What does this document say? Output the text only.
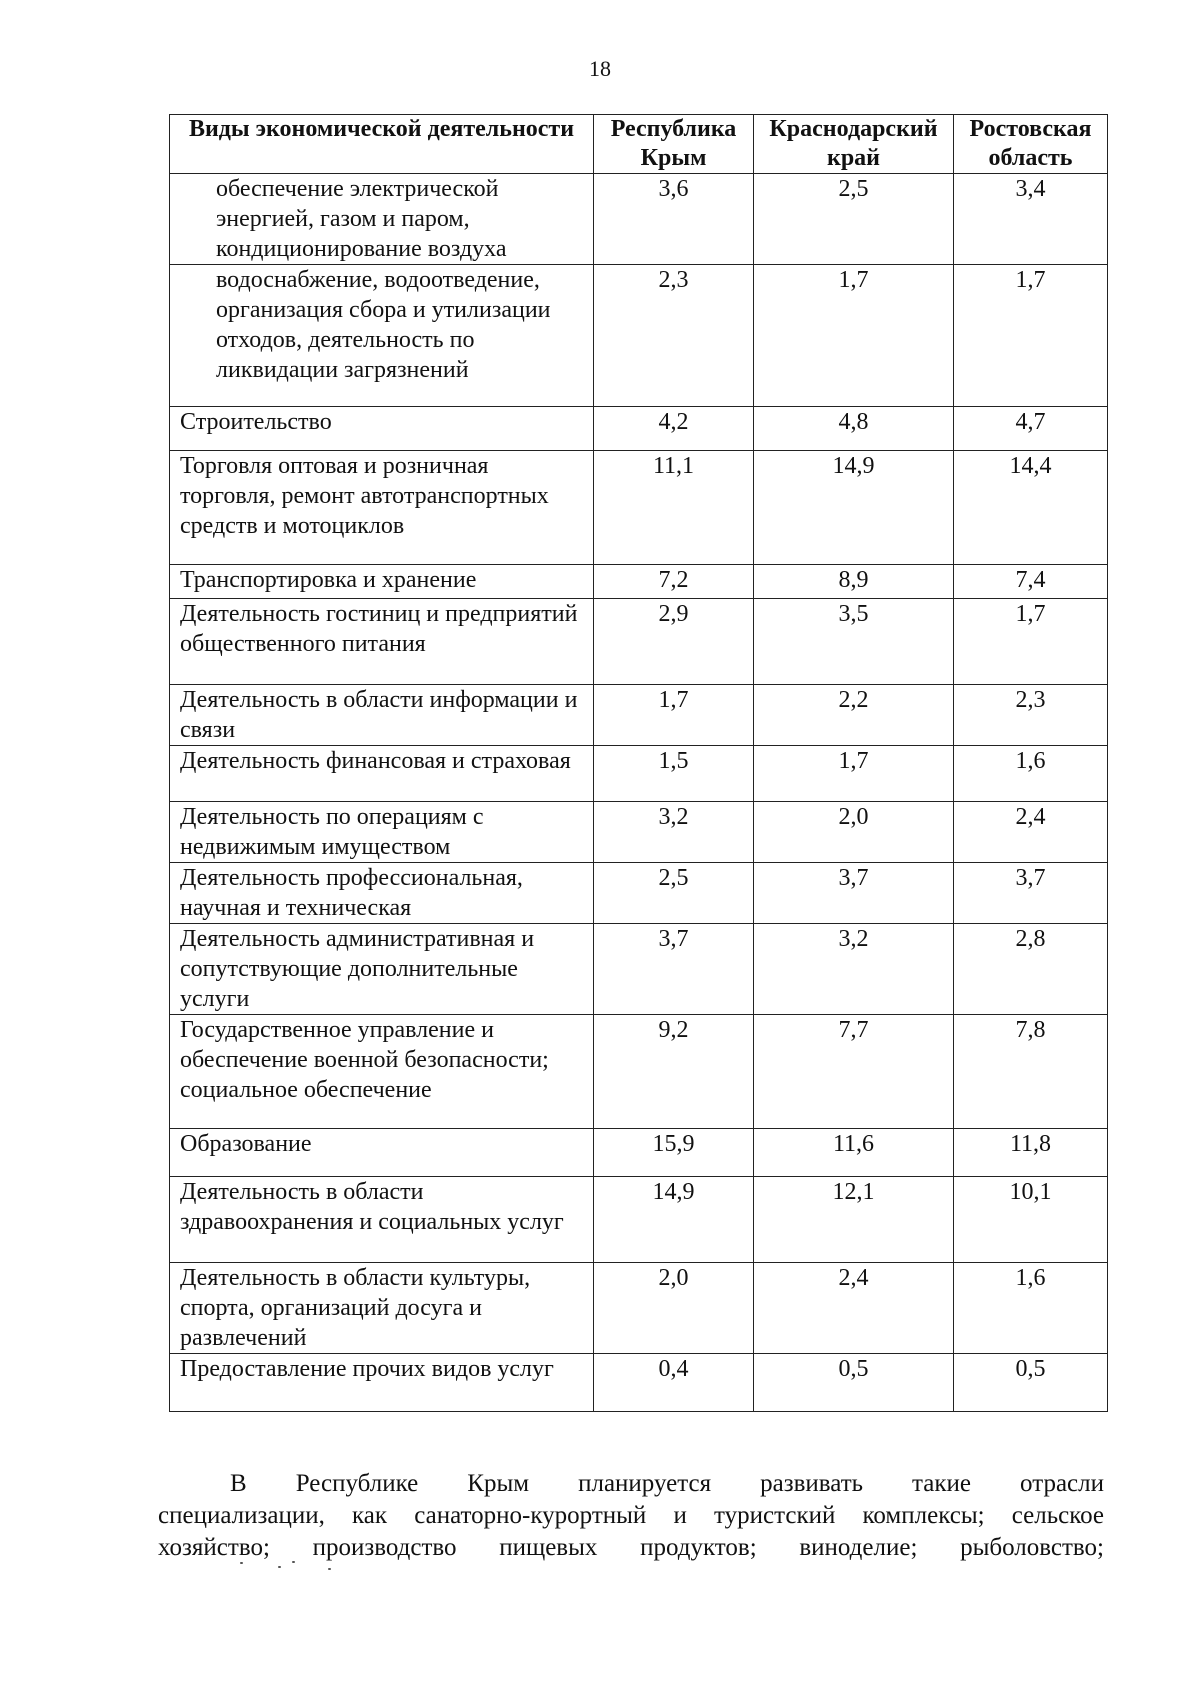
18
Виды экономической деятельности	Республика Крым	Краснодарский край	Ростовская область
обеспечение электрической энергией, газом и паром, кондиционирование воздуха	3,6	2,5	3,4
водоснабжение, водоотведение, организация сбора и утилизации отходов, деятельность по ликвидации загрязнений	2,3	1,7	1,7
Строительство	4,2	4,8	4,7
Торговля оптовая и розничная торговля, ремонт автотранспортных средств и мотоциклов	11,1	14,9	14,4
Транспортировка и хранение	7,2	8,9	7,4
Деятельность гостиниц и предприятий общественного питания	2,9	3,5	1,7
Деятельность в области информации и связи	1,7	2,2	2,3
Деятельность финансовая и страховая	1,5	1,7	1,6
Деятельность по операциям с недвижимым имуществом	3,2	2,0	2,4
Деятельность профессиональная, научная и техническая	2,5	3,7	3,7
Деятельность административная и сопутствующие дополнительные услуги	3,7	3,2	2,8
Государственное управление и обеспечение военной безопасности; социальное обеспечение	9,2	7,7	7,8
Образование	15,9	11,6	11,8
Деятельность в области здравоохранения и социальных услуг	14,9	12,1	10,1
Деятельность в области культуры, спорта, организаций досуга и развлечений	2,0	2,4	1,6
Предоставление прочих видов услуг	0,4	0,5	0,5
В Республике Крым планируется развивать такие отрасли
специализации, как санаторно-курортный и туристский комплексы; сельское
хозяйство; производство пищевых продуктов; виноделие; рыболовство;
